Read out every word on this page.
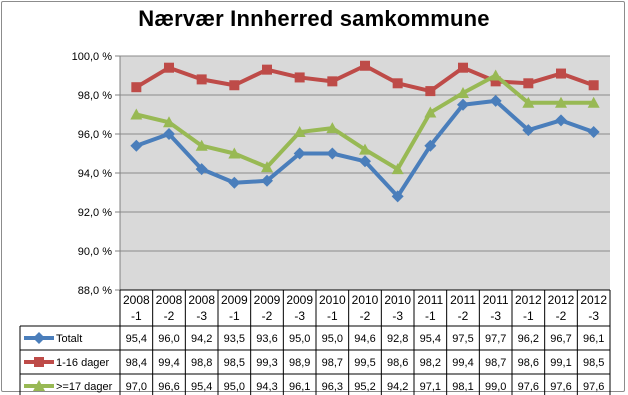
Nærvær Innherred samkommune
88,0 %
90,0 %
92,0 %
94,0 %
96,0 %
98,0 %
100,0 %
2008
-1
2008
-2
2008
-3
2009
-1
2009
-2
2009
-3
2010
-1
2010
-2
2010
-3
2011
-1
2011
-2
2011
-3
2012
-1
2012
-2
2012
-3
Totalt	95,4 96,0 94,2 93,5 93,6 95,0 95,0 94,6 92,8 95,4 97,5 97,7 96,2 96,7 96,1
1-16 dager 98,4 99,4 98,8 98,5 99,3 98,9 98,7 99,5 98,6 98,2 99,4 98,7 98,6 99,1 98,5
>=17 dager 97,0 96,6 95,4 95,0 94,3 96,1 96,3 95,2 94,2 97,1 98,1 99,0 97,6 97,6 97,6
